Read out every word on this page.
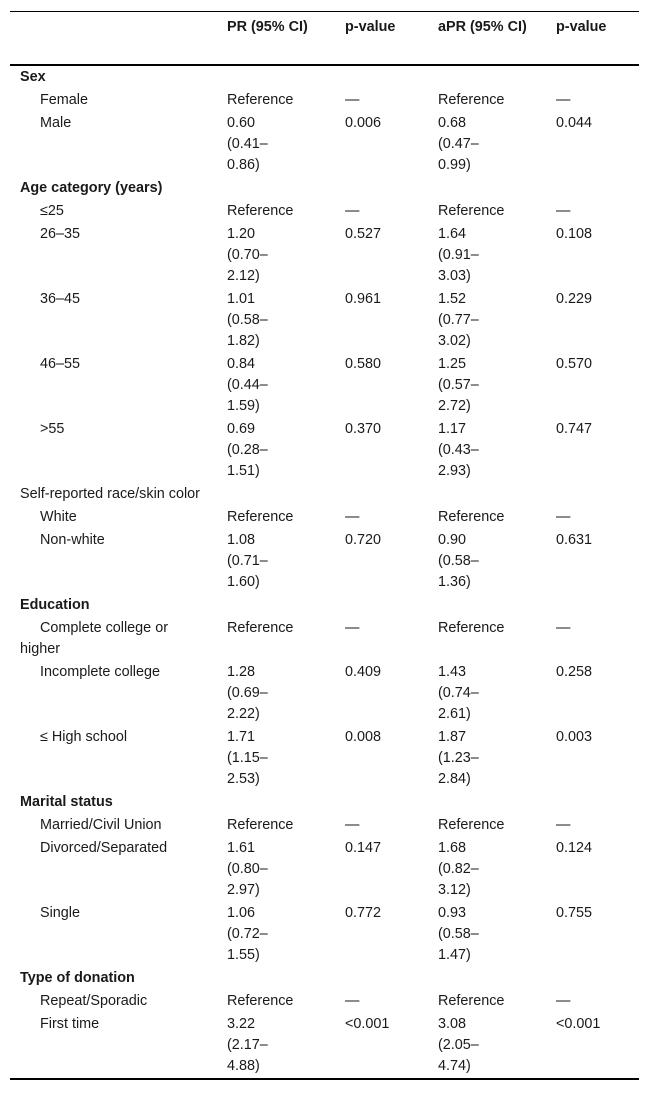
	PR (95% CI)	p-value	aPR (95% CI)	p-value
Sex				
Female	Reference	—	Reference	—
Male	0.60 (0.41–0.86)	0.006	0.68 (0.47–0.99)	0.044
Age category (years)				
≤25	Reference	—	Reference	—
26–35	1.20 (0.70–2.12)	0.527	1.64 (0.91–3.03)	0.108
36–45	1.01 (0.58–1.82)	0.961	1.52 (0.77–3.02)	0.229
46–55	0.84 (0.44–1.59)	0.580	1.25 (0.57–2.72)	0.570
>55	0.69 (0.28–1.51)	0.370	1.17 (0.43–2.93)	0.747
Self-reported race/skin color				
White	Reference	—	Reference	—
Non-white	1.08 (0.71–1.60)	0.720	0.90 (0.58–1.36)	0.631
Education				
Complete college or higher	Reference	—	Reference	—
Incomplete college	1.28 (0.69–2.22)	0.409	1.43 (0.74–2.61)	0.258
≤ High school	1.71 (1.15–2.53)	0.008	1.87 (1.23–2.84)	0.003
Marital status				
Married/Civil Union	Reference	—	Reference	—
Divorced/Separated	1.61 (0.80–2.97)	0.147	1.68 (0.82–3.12)	0.124
Single	1.06 (0.72–1.55)	0.772	0.93 (0.58–1.47)	0.755
Type of donation				
Repeat/Sporadic	Reference	—	Reference	—
First time	3.22 (2.17–4.88)	<0.001	3.08 (2.05–4.74)	<0.001
